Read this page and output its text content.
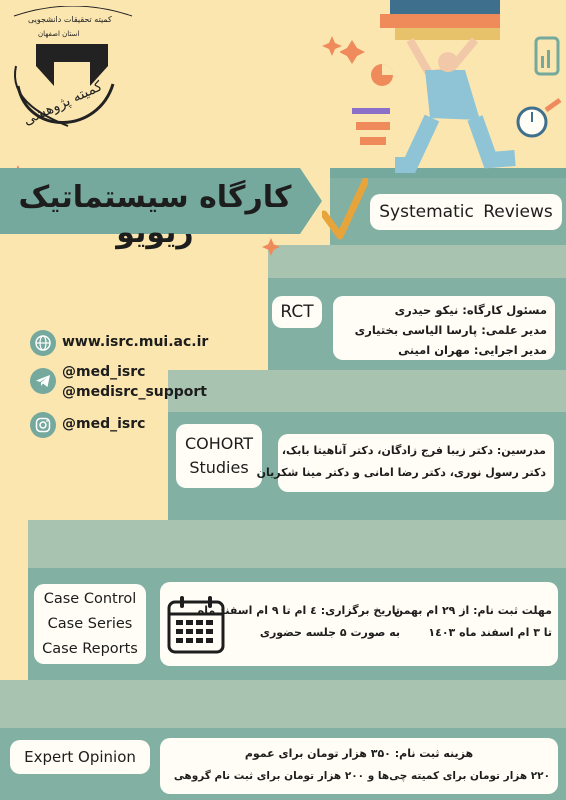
کمیته تحقیقات دانشجویی
استان اصفهان
کمیته پژوهشی
کارگاه سیستماتیک ریویو
Systematic Reviews
RCT	مسئول کارگاه: نیکو حیدری
مدیر علمی: پارسا الیاسی بختیاری
مدیر اجرایی: مهران امینی
COHORT
Studies
مدرسین: دکتر زیبا فرج زادگان، دکتر آناهیتا بابک،
دکتر رسول نوری، دکتر رضا امانی و دکتر مینا شکریان
Case Control
Case Series
Case Reports
تاریخ برگزاری: ٤ ام تا ۹ ام اسفند ماه
به صورت ۵ جلسه حضوری
مهلت ثبت نام: از ۲۹ ام بهمن
تا ۳ ام اسفند ماه ۱٤۰۳
Expert Opinion	هزینه ثبت نام: ۳۵۰ هزار تومان برای عموم
۲۲۰ هزار تومان برای کمیته چی‌ها و ۲۰۰ هزار تومان برای ثبت نام گروهی
www.isrc.mui.ac.ir
@med_isrc
@medisrc_support
@med_isrc
